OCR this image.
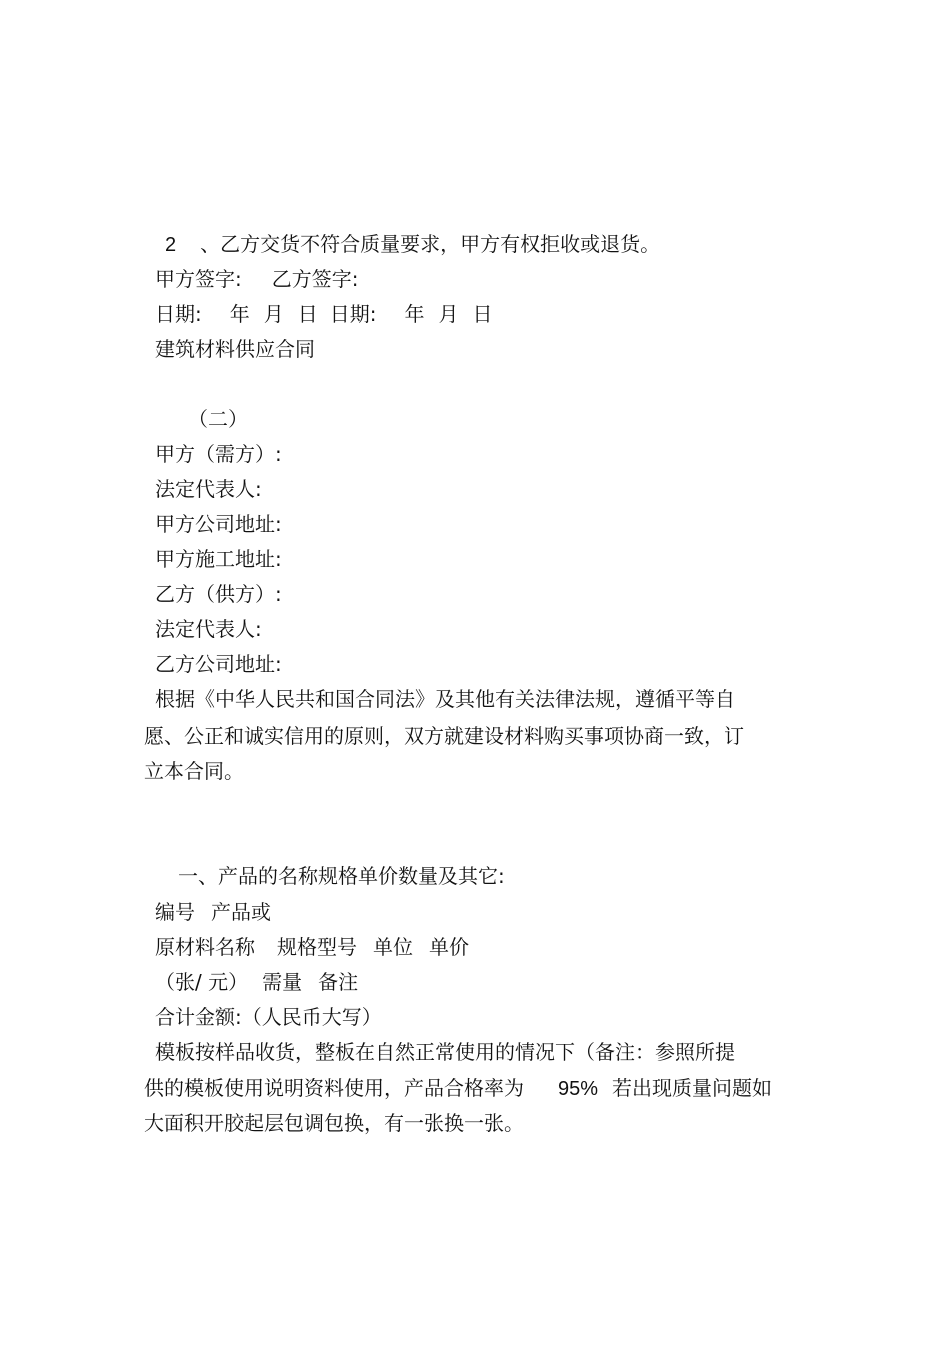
2 、乙方交货不符合质量要求，甲方有权拒收或退货。
甲方签字: 乙方签字:
日期: 年 月 日 日期: 年 月 日
建筑材料供应合同
（二）
甲方（需方）:
法定代表人:
甲方公司地址:
甲方施工地址:
乙方（供方）:
法定代表人:
乙方公司地址:
根据《中华人民共和国合同法》及其他有关法律法规，遵循平等自
愿、公正和诚实信用的原则，双方就建设材料购买事项协商一致，订
立本合同。
一、产品的名称规格单价数量及其它:
编号 产品或
原材料名称 规格型号 单位 单价
（张/ 元） 需量 备注
合计金额:（人民币大写）
模板按样品收货，整板在自然正常使用的情况下（备注：参照所提
供的模板使用说明资料使用，产品合格率为 95% 若出现质量问题如
大面积开胶起层包调包换，有一张换一张。
